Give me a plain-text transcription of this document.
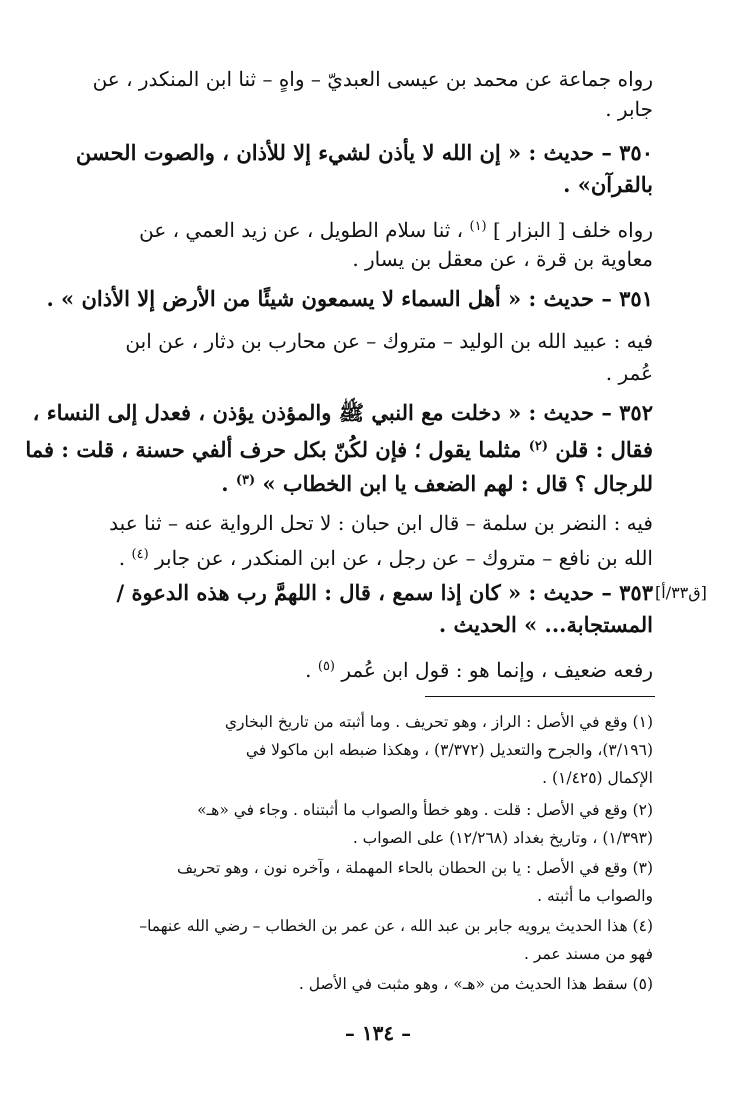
رواه جماعة عن محمد بن عيسى العبديّ – واهٍ – ثنا ابن المنكدر ، عن
جابر .
٣٥٠ – حديث : « إن الله لا يأذن لشيء إلا للأذان ، والصوت الحسن
بالقرآن» .
رواه خلف [ البزار ] $^{(١)}$ ، ثنا سلام الطويل ، عن زيد العمي ، عن
معاوية بن قرة ، عن معقل بن يسار .
٣٥١ – حديث : « أهل السماء لا يسمعون شيئًا من الأرض إلا الأذان » .
فيه : عبيد الله بن الوليد – متروك – عن محارب بن دثار ، عن ابن
عُمر .
٣٥٢ – حديث : « دخلت مع النبي ﷺ والمؤذن يؤذن ، فعدل إلى النساء ،
فقال : قلن $^{(٢)}$ مثلما يقول ؛ فإن لكُنّ بكل حرف ألفي حسنة ، قلت : فما
للرجال ؟ قال : لهم الضعف يا ابن الخطاب » $^{(٣)}$ .
فيه : النضر بن سلمة – قال ابن حبان : لا تحل الرواية عنه – ثنا عبد
الله بن نافع – متروك – عن رجل ، عن ابن المنكدر ، عن جابر $^{(٤)}$ .
[ق٣٣/أ]
٣٥٣ – حديث : « كان إذا سمع ، قال : اللهمَّ رب هذه الدعوة /
المستجابة... » الحديث .
رفعه ضعيف ، وإنما هو : قول ابن عُمر $^{(٥)}$ .
(١) وقع في الأصل : الراز ، وهو تحريف . وما أثبته من تاريخ البخاري
(٣/١٩٦)، والجرح والتعديل (٣/٣٧٢) ، وهكذا ضبطه ابن ماكولا في
الإكمال (١/٤٢٥) .
(٢) وقع في الأصل : قلت . وهو خطأ والصواب ما أثبتناه . وجاء في «هـ»
(١/٣٩٣) ، وتاريخ بغداد (١٢/٢٦٨) على الصواب .
(٣) وقع في الأصل : يا بن الحطان بالحاء المهملة ، وآخره نون ، وهو تحريف
والصواب ما أثبته .
(٤) هذا الحديث يرويه جابر بن عبد الله ، عن عمر بن الخطاب – رضي الله عنهما–
فهو من مسند عمر .
(٥) سقط هذا الحديث من «هـ» ، وهو مثبت في الأصل .
– ١٣٤ –
